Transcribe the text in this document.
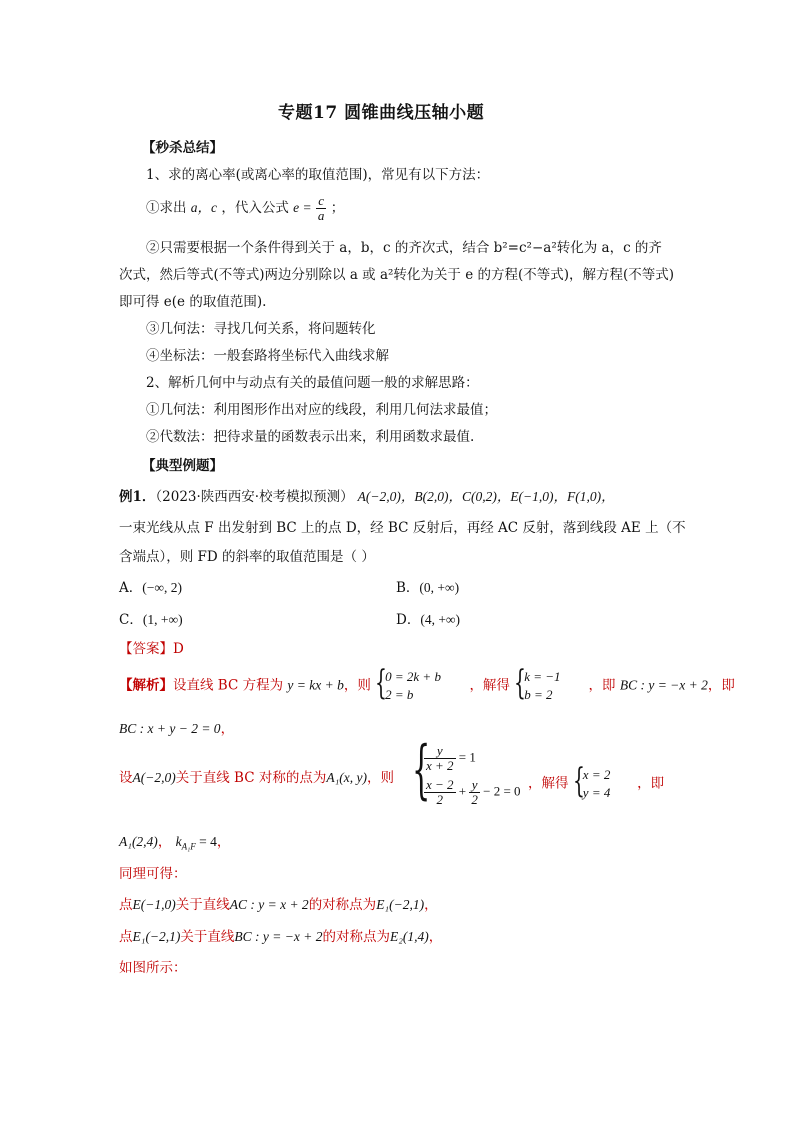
专题17 圆锥曲线压轴小题
【秒杀总结】
1、求的离心率(或离心率的取值范围)，常见有以下方法：
①求出 a，c ，代入公式 $e = \frac{c}{a}$ ；
②只需要根据一个条件得到关于 a，b，c 的齐次式，结合 b²=c²−a²转化为 a，c 的齐
次式，然后等式(不等式)两边分别除以 a 或 a²转化为关于 e 的方程(不等式)，解方程(不等式)
即可得 e(e 的取值范围).
③几何法：寻找几何关系，将问题转化
④坐标法：一般套路将坐标代入曲线求解
2、解析几何中与动点有关的最值问题一般的求解思路：
①几何法：利用图形作出对应的线段，利用几何法求最值；
②代数法：把待求量的函数表示出来，利用函数求最值.
【典型例题】
例1．（2023·陕西西安·校考模拟预测） A(−2,0)，B(2,0)，C(0,2)，E(−1,0)，F(1,0)，
一束光线从点 F 出发射到 BC 上的点 D，经 BC 反射后，再经 AC 反射，落到线段 AE 上（不
含端点），则 FD 的斜率的取值范围是（ ）
A．(−∞, 2)	B．(0, +∞)
C．(1, +∞)	D．(4, +∞)
【答案】D
【解析】设直线 BC 方程为 y = kx + b，则 {
0 = 2k + b
2 = b
，解得 {
k = −1
b = 2
，即 BC : y = −x + 2，即
BC : x + y − 2 = 0，
设A(−2,0)关于直线 BC 对称的点为A₁(x, y)，则 {
$\frac{y}{x + 2} = 1$
$\frac{x - 2}{2} + \frac{y}{2} - 2 = 0$ ，解得 {
x = 2
y = 4
，即
A₁(2,4)， $k_{A_1F} = 4$，
同理可得：
点E(−1,0)关于直线AC : y = x + 2的对称点为E₁(−2,1)，
点E₁(−2,1)关于直线BC : y = −x + 2的对称点为E₂(1,4)，
如图所示：
